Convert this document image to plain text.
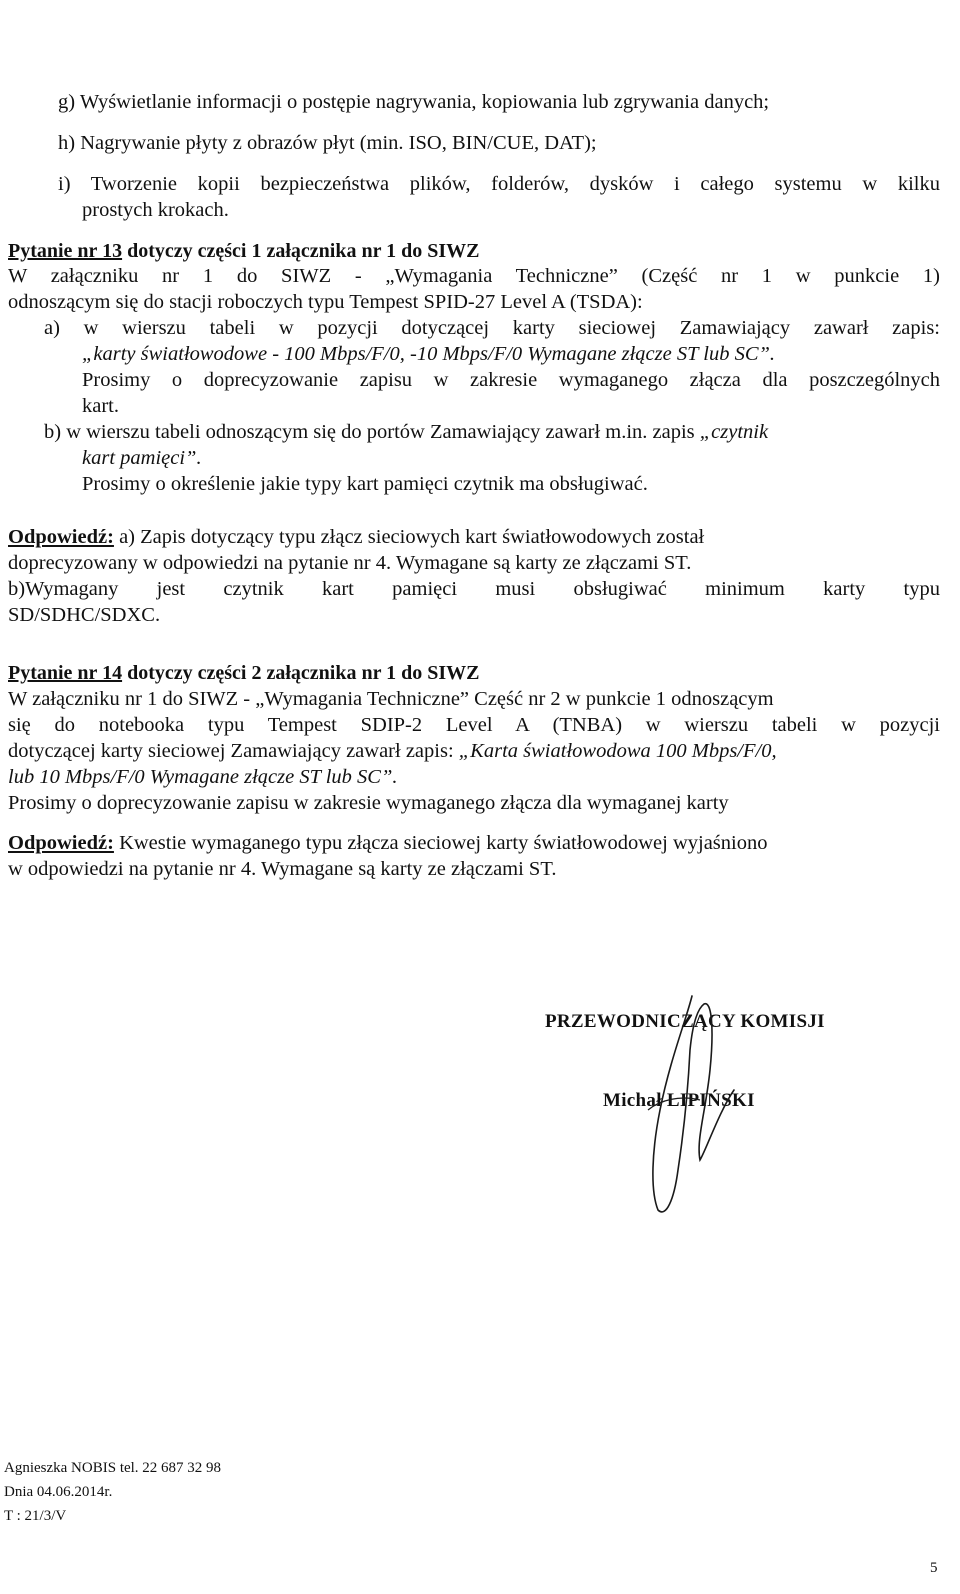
g) Wyświetlanie informacji o postępie nagrywania, kopiowania lub zgrywania danych;
h) Nagrywanie płyty z obrazów płyt (min. ISO, BIN/CUE, DAT);
i) Tworzenie kopii bezpieczeństwa plików, folderów, dysków i całego systemu w kilku
prostych krokach.
Pytanie nr 13 dotyczy części 1 załącznika nr 1 do SIWZ
W załączniku nr 1 do SIWZ - „Wymagania Techniczne” (Część nr 1 w punkcie 1)
odnoszącym się do stacji roboczych typu Tempest SPID-27 Level A (TSDA):
a) w wierszu tabeli w pozycji dotyczącej karty sieciowej Zamawiający zawarł zapis:
„karty światłowodowe - 100 Mbps/F/0, -10 Mbps/F/0 Wymagane złącze ST lub SC”.
Prosimy o doprecyzowanie zapisu w zakresie wymaganego złącza dla poszczególnych
kart.
b) w wierszu tabeli odnoszącym się do portów Zamawiający zawarł m.in. zapis „czytnik
kart pamięci”.
Prosimy o określenie jakie typy kart pamięci czytnik ma obsługiwać.
Odpowiedź: a) Zapis dotyczący typu złącz sieciowych kart światłowodowych został
doprecyzowany w odpowiedzi na pytanie nr 4. Wymagane są karty ze złączami ST.
b)Wymagany jest czytnik kart pamięci musi obsługiwać minimum karty typu
SD/SDHC/SDXC.
Pytanie nr 14 dotyczy części 2 załącznika nr 1 do SIWZ
W załączniku nr 1 do SIWZ - „Wymagania Techniczne” Część nr 2 w punkcie 1 odnoszącym
się do notebooka typu Tempest SDIP-2 Level A (TNBA) w wierszu tabeli w pozycji
dotyczącej karty sieciowej Zamawiający zawarł zapis: „Karta światłowodowa 100 Mbps/F/0,
lub 10 Mbps/F/0 Wymagane złącze ST lub SC”.
Prosimy o doprecyzowanie zapisu w zakresie wymaganego złącza dla wymaganej karty
Odpowiedź: Kwestie wymaganego typu złącza sieciowej karty światłowodowej wyjaśniono
w odpowiedzi na pytanie nr 4. Wymagane są karty ze złączami ST.
PRZEWODNICZĄCY KOMISJI
Michał LIPIŃSKI
Agnieszka NOBIS tel. 22 687 32 98
Dnia 04.06.2014r.
T : 21/3/V
5
